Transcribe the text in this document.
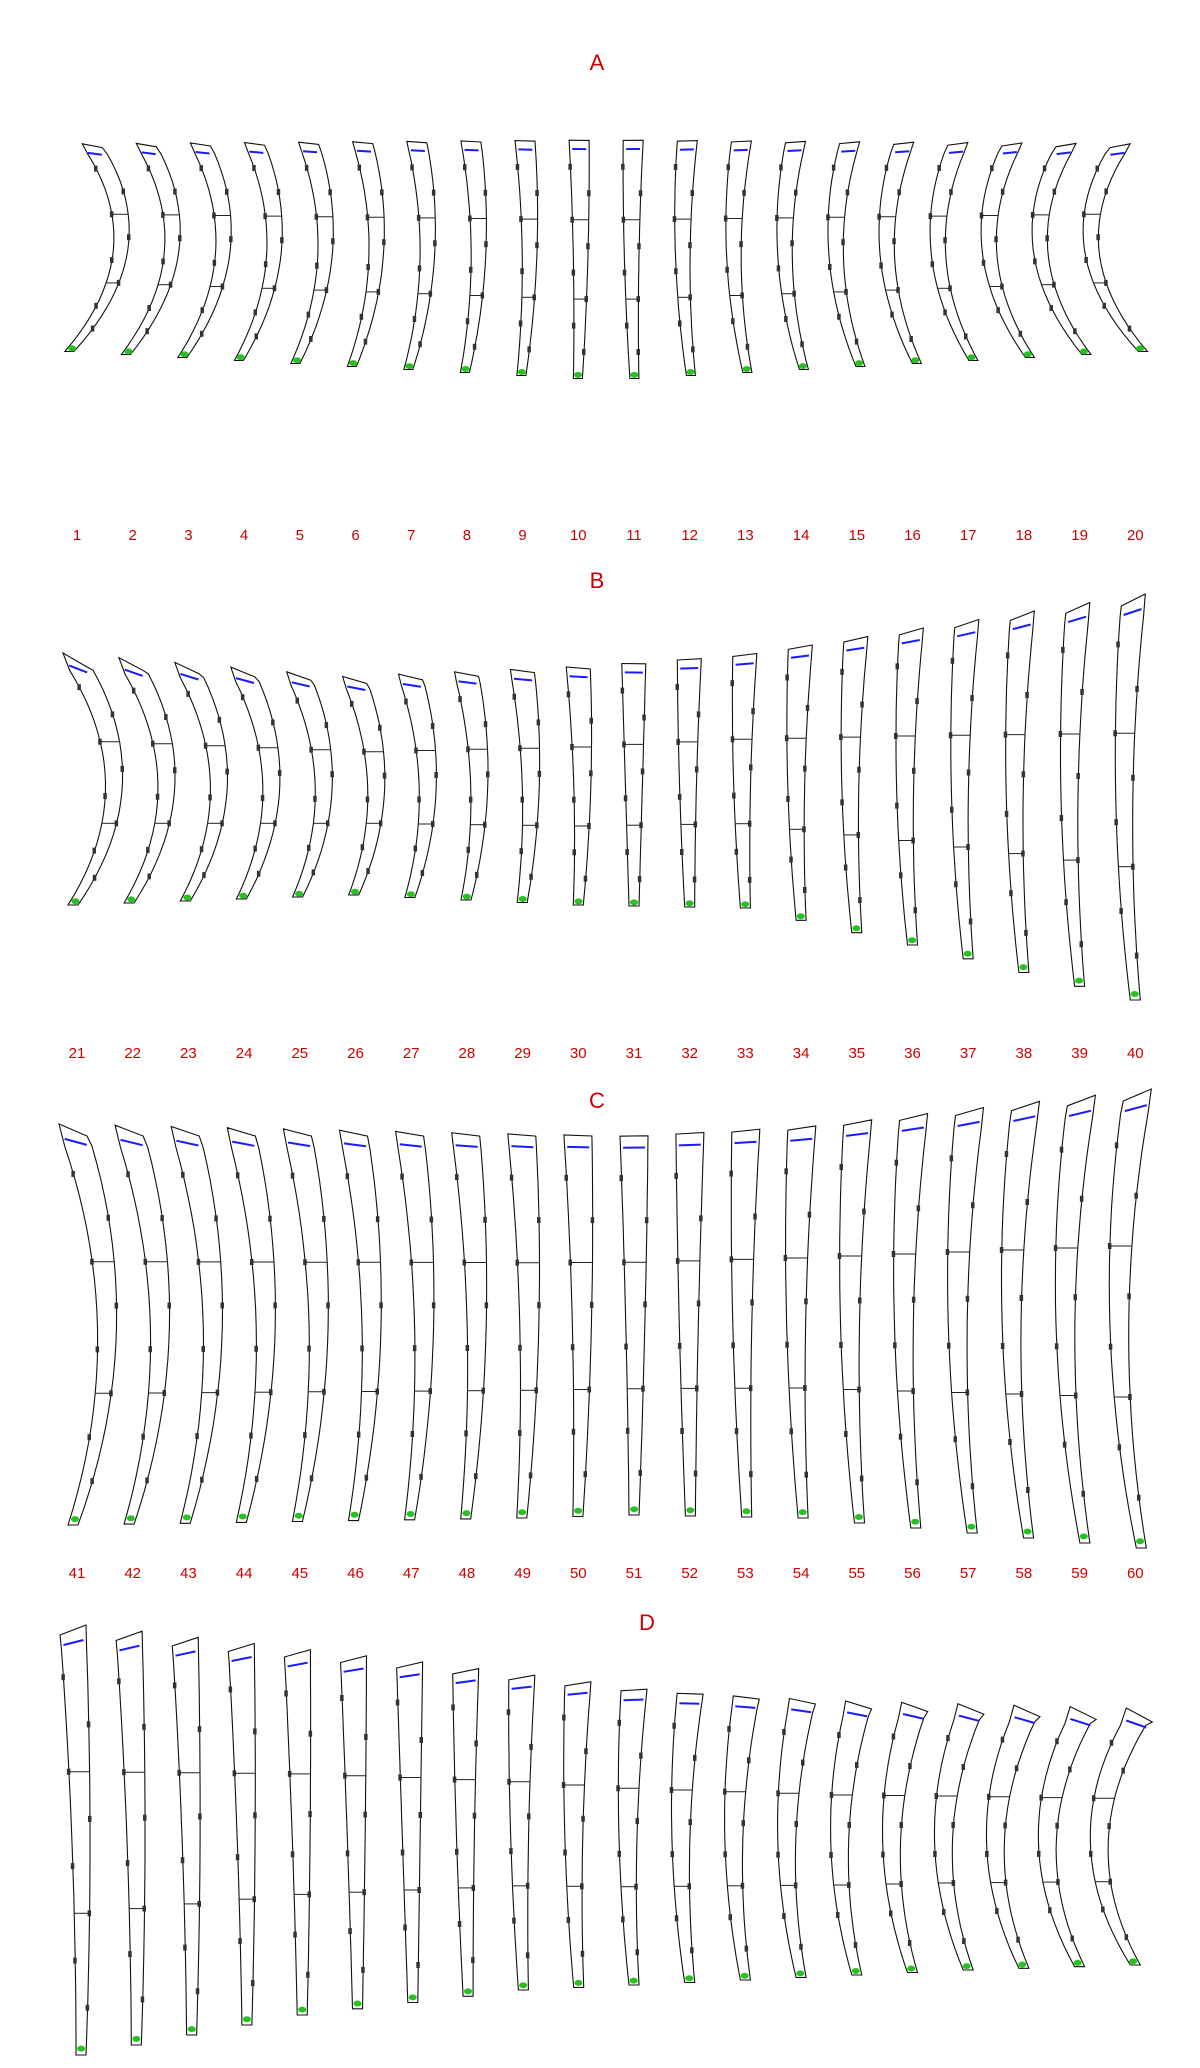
A
B
C
D
1	2	3	4	5	6	7	8	9	10	11	12	13	14	15	16	17	18	19	20
21	22	23	24	25	26	27	28	29	30	31	32	33	34	35	36	37	38	39	40
41	42	43	44	45	46	47	48	49	50	51	52	53	54	55	56	57	58	59	60
